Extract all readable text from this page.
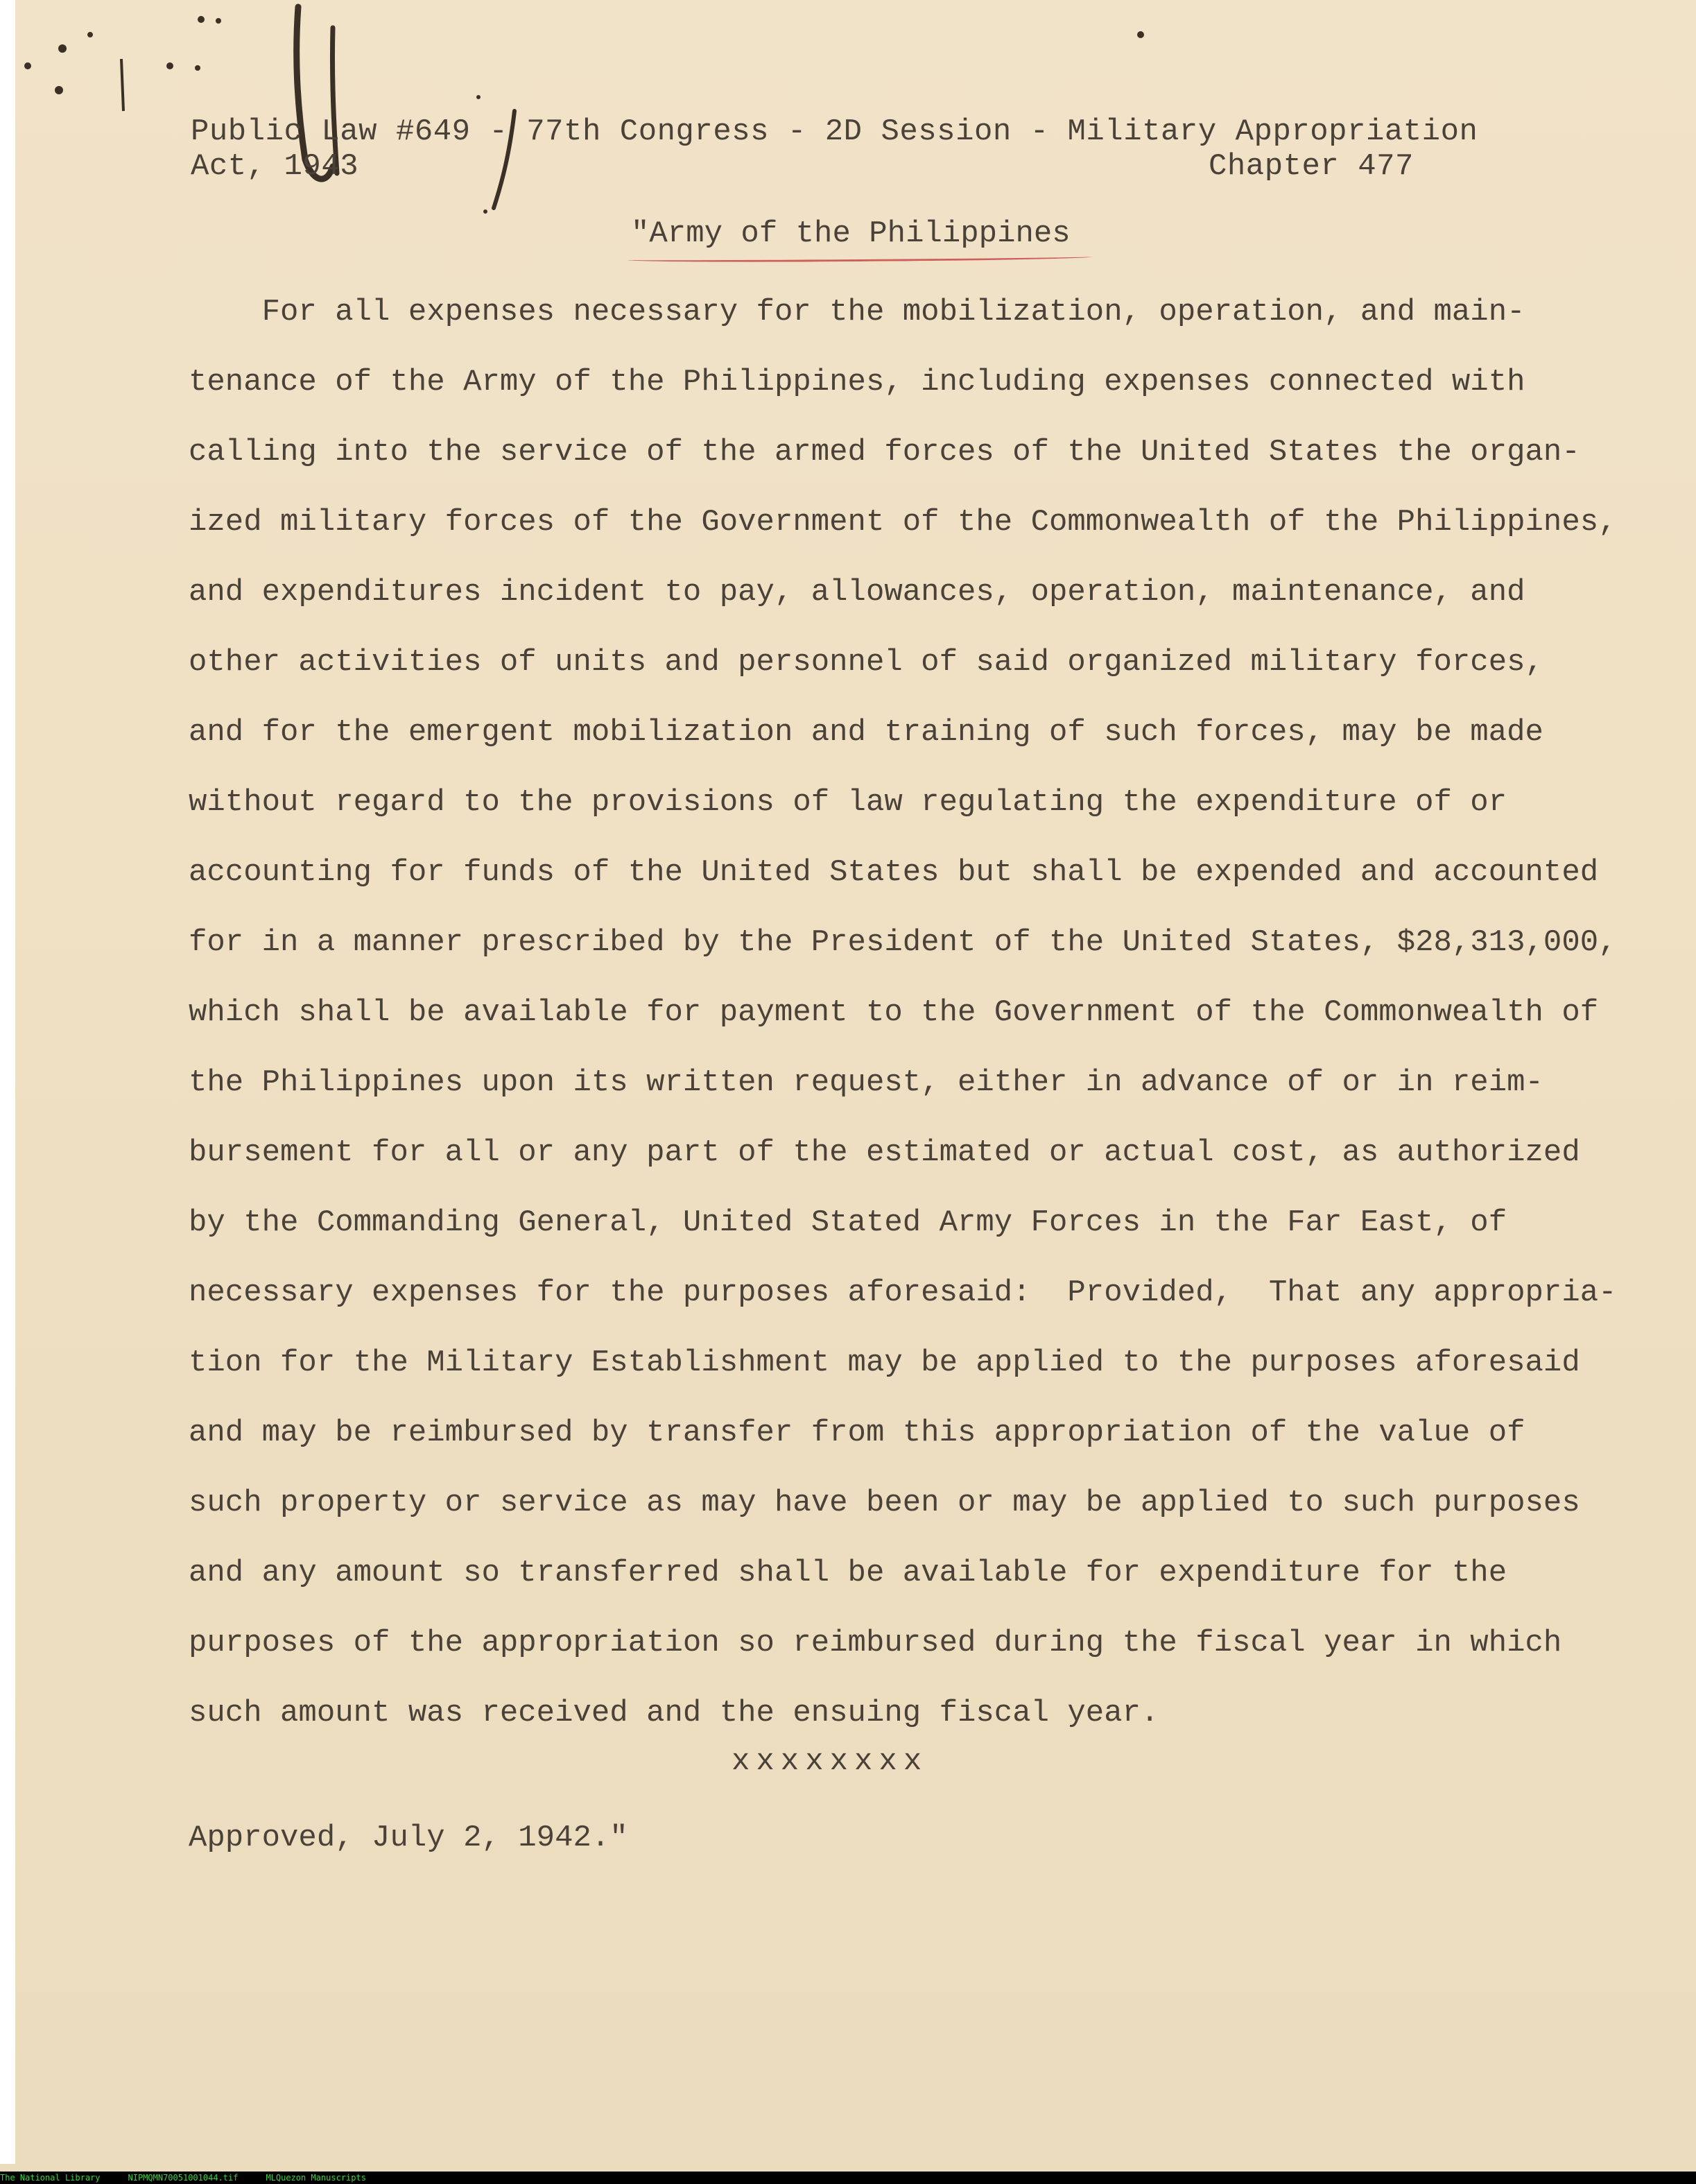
Public Law #649 - 77th Congress - 2D Session - Military Appropriation
Act, 1943	Chapter 477
"Army of the Philippines
For all expenses necessary for the mobilization, operation, and main-
tenance of the Army of the Philippines, including expenses connected with
calling into the service of the armed forces of the United States the organ-
ized military forces of the Government of the Commonwealth of the Philippines,
and expenditures incident to pay, allowances, operation, maintenance, and
other activities of units and personnel of said organized military forces,
and for the emergent mobilization and training of such forces, may be made
without regard to the provisions of law regulating the expenditure of or
accounting for funds of the United States but shall be expended and accounted
for in a manner prescribed by the President of the United States, $28,313,000,
which shall be available for payment to the Government of the Commonwealth of
the Philippines upon its written request, either in advance of or in reim-
bursement for all or any part of the estimated or actual cost, as authorized
by the Commanding General, United Stated Army Forces in the Far East, of
necessary expenses for the purposes aforesaid:  Provided,  That any appropria-
tion for the Military Establishment may be applied to the purposes aforesaid
and may be reimbursed by transfer from this appropriation of the value of
such property or service as may have been or may be applied to such purposes
and any amount so transferred shall be available for expenditure for the
purposes of the appropriation so reimbursed during the fiscal year in which
such amount was received and the ensuing fiscal year.
xxxxxxxx
Approved, July 2, 1942."
The National Library	NIPMQMN70051001044.tif	MLQuezon Manuscripts
